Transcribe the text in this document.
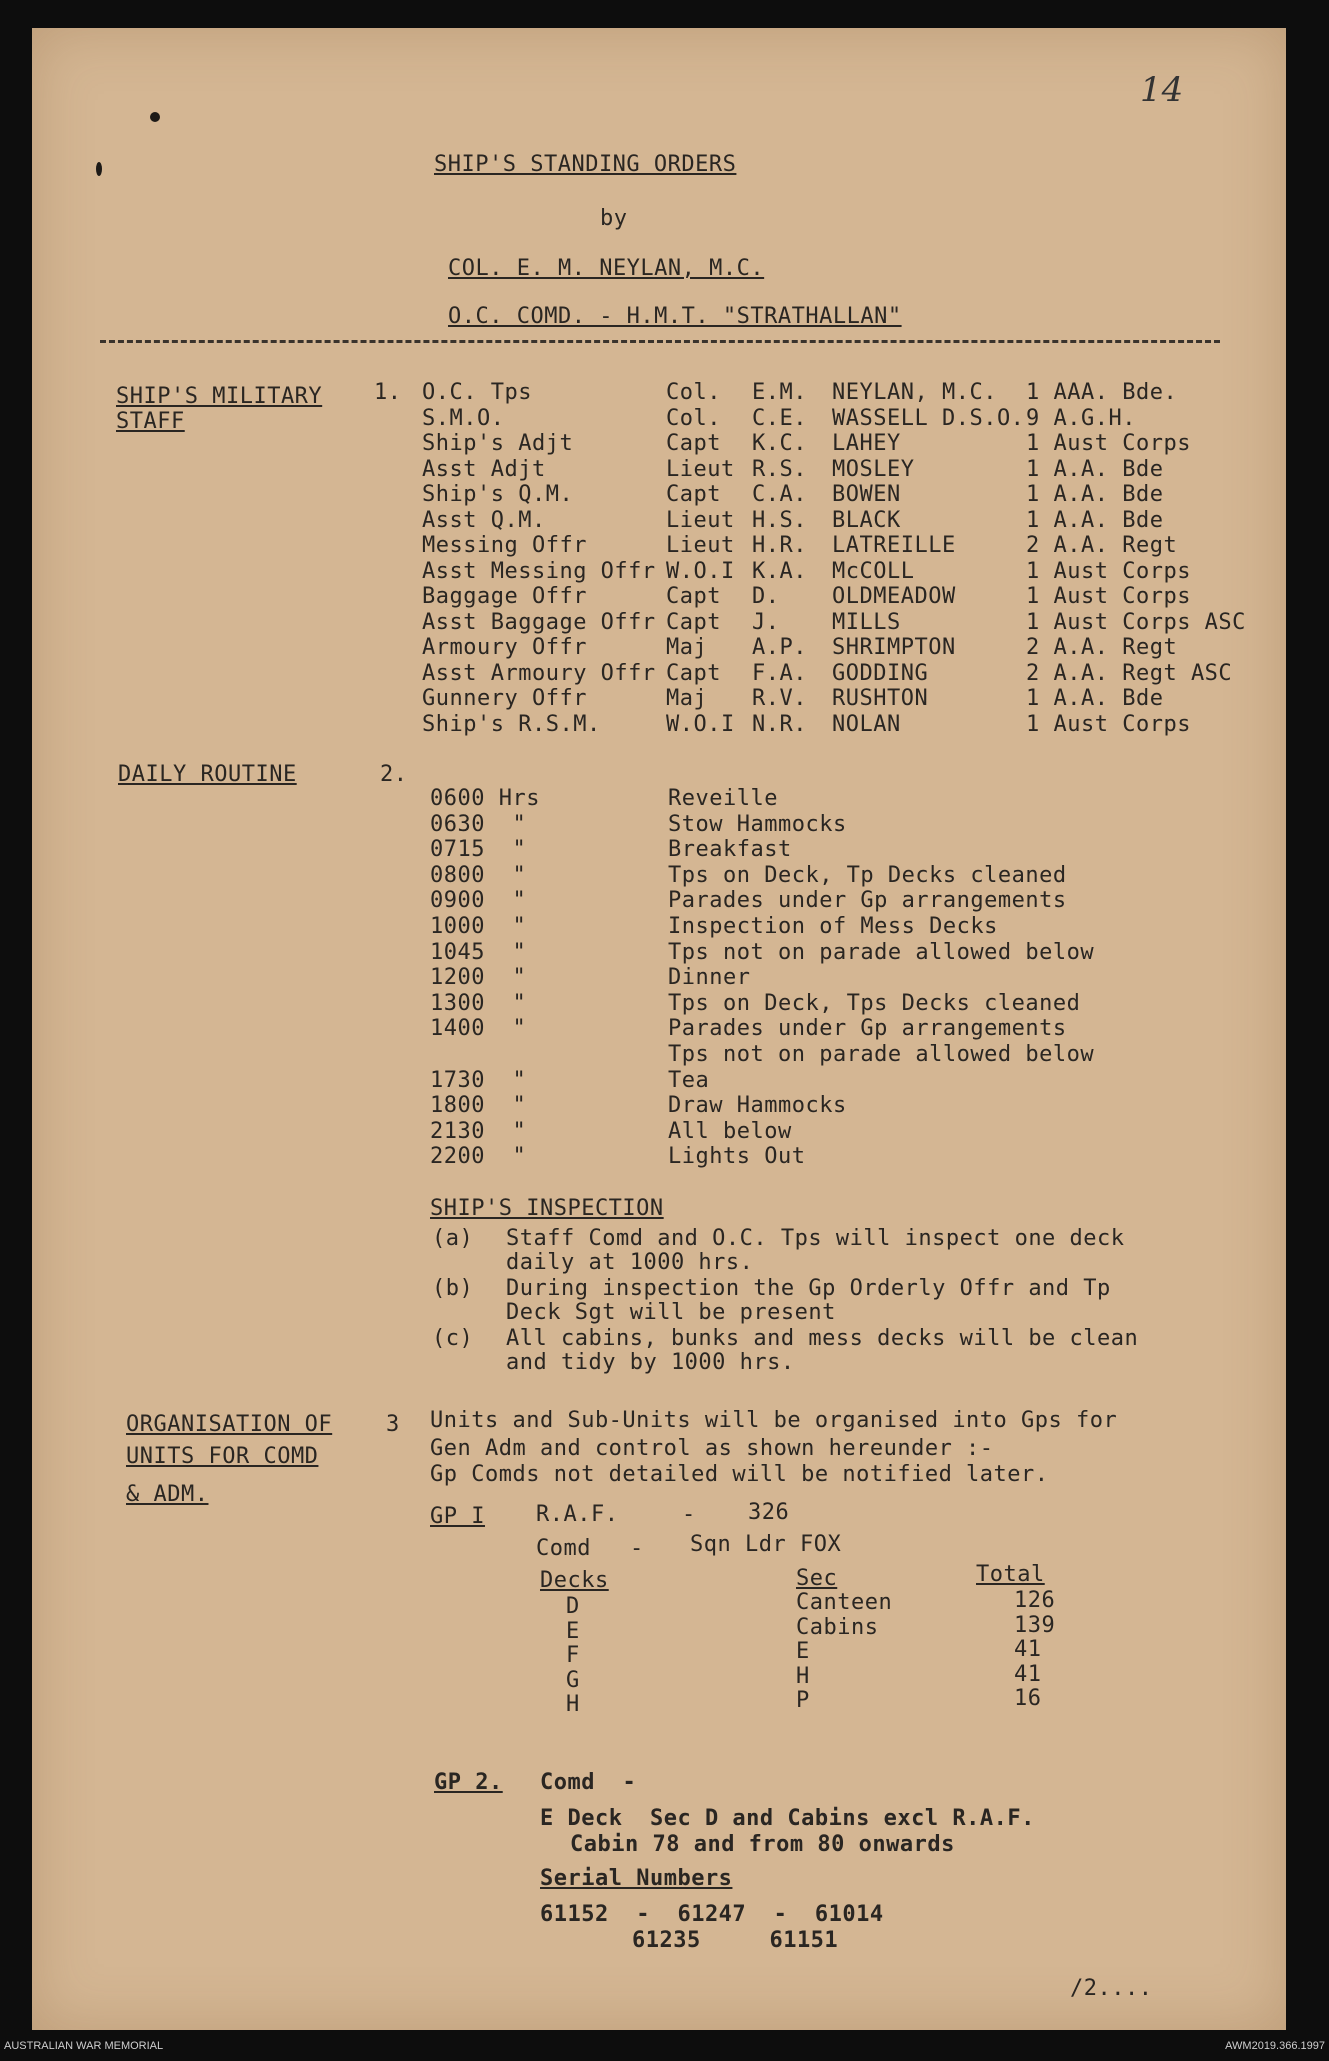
14
SHIP'S STANDING ORDERS
by
COL. E. M. NEYLAN, M.C.
O.C. COMD. - H.M.T. "STRATHALLAN"
SHIP'S MILITARY
STAFF
1. O.C. Tps	Col. E.M. NEYLAN, M.C. 1 AAA. Bde.
S.M.O.	Col. C.E. WASSELL D.S.O. 9 A.G.H.
Ship's Adjt	Capt K.C. LAHEY	1 Aust Corps
Asst Adjt	Lieut R.S. MOSLEY	1 A.A. Bde
Ship's Q.M.	Capt C.A. BOWEN	1 A.A. Bde
Asst Q.M.	Lieut H.S. BLACK	1 A.A. Bde
Messing Offr	Lieut H.R. LATREILLE	2 A.A. Regt
Asst Messing Offr W.O.I K.A. McCOLL	1 Aust Corps
Baggage Offr	Capt D. OLDMEADOW	1 Aust Corps
Asst Baggage Offr Capt J. MILLS	1 Aust Corps ASC
Armoury Offr	Maj A.P. SHRIMPTON	2 A.A. Regt
Asst Armoury Offr Capt F.A. GODDING	2 A.A. Regt ASC
Gunnery Offr	Maj R.V. RUSHTON	1 A.A. Bde
Ship's R.S.M.	W.O.I N.R. NOLAN	1 Aust Corps
DAILY ROUTINE	2.
0600 Hrs	Reveille
0630  "	Stow Hammocks
0715  "	Breakfast
0800  "	Tps on Deck, Tp Decks cleaned
0900  "	Parades under Gp arrangements
1000  "	Inspection of Mess Decks
1045  "	Tps not on parade allowed below
1200  "	Dinner
1300  "	Tps on Deck, Tps Decks cleaned
1400  "	Parades under Gp arrangements
Tps not on parade allowed below
1730  "	Tea
1800  "	Draw Hammocks
2130  "	All below
2200  "	Lights Out
SHIP'S INSPECTION
(a) Staff Comd and O.C. Tps will inspect one deck
daily at 1000 hrs.
(b) During inspection the Gp Orderly Offr and Tp
Deck Sgt will be present
(c) All cabins, bunks and mess decks will be clean
and tidy by 1000 hrs.
ORGANISATION OF
UNITS FOR COMD
& ADM.
3 Units and Sub-Units will be organised into Gps for
Gen Adm and control as shown hereunder :-
Gp Comds not detailed will be notified later.
GP I R.A.F.	- 326
Comd - Sqn Ldr FOX
Decks	Sec	Total
D	Canteen	126
E	Cabins	139
F	E	41
G	H	41
H	P	16
GP 2. Comd  -
E Deck  Sec D and Cabins excl R.A.F.
Cabin 78 and from 80 onwards
Serial Numbers
61152  -  61247  -  61014
61235     61151
/2....
AUSTRALIAN WAR MEMORIAL	AWM2019.366.1997
